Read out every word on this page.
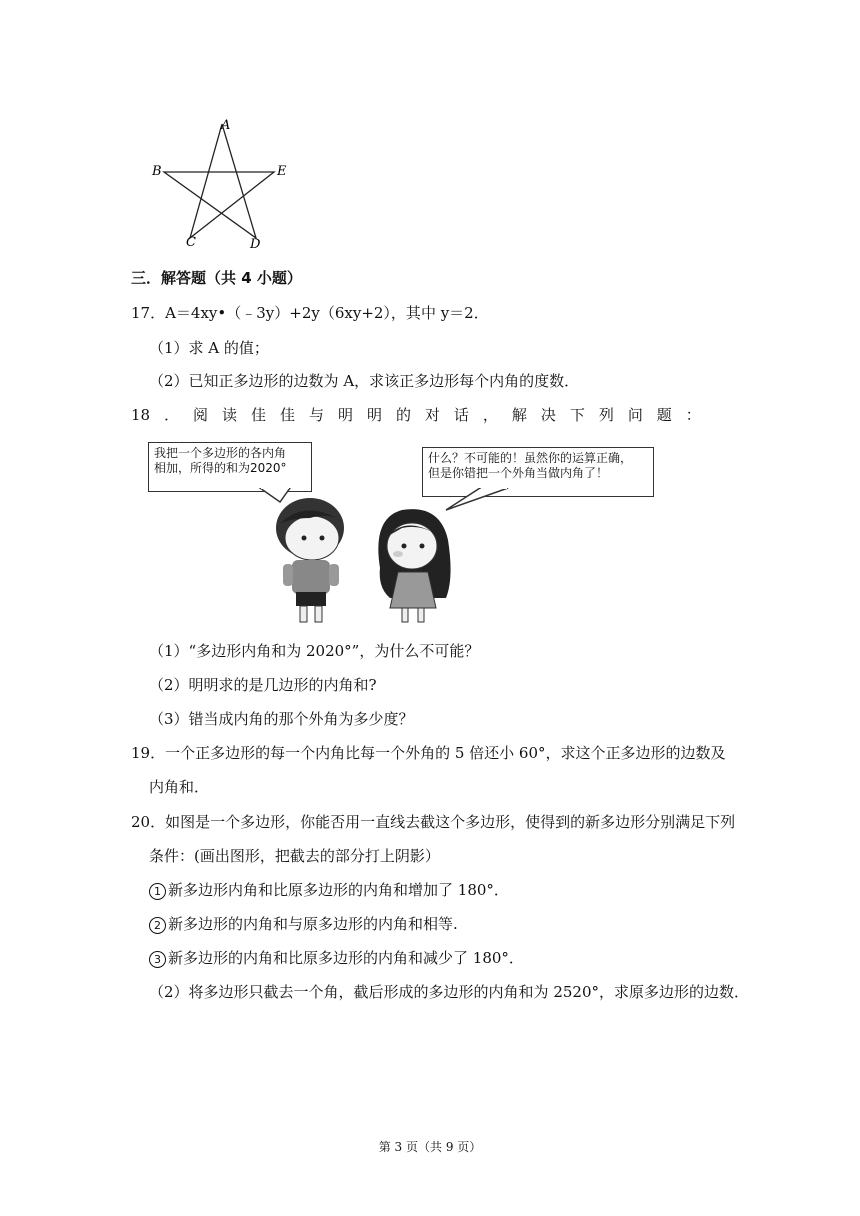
A
B	E
C	D
三．解答题（共 4 小题）
17．A＝4xy•（﹣3y）+2y（6xy+2），其中 y＝2．
（1）求 A 的值；
（2）已知正多边形的边数为 A，求该正多边形每个内角的度数．
18 ． 阅 读 佳 佳 与 明 明 的 对 话 ， 解 决 下 列 问 题 ：
我把一个多边形的各内角
相加，所得的和为2020°
什么？不可能的！虽然你的运算正确，
但是你错把一个外角当做内角了！
（1）“多边形内角和为 2020°”，为什么不可能？
（2）明明求的是几边形的内角和?
（3）错当成内角的那个外角为多少度？
19．一个正多边形的每一个内角比每一个外角的 5 倍还小 60°，求这个正多边形的边数及
内角和．
20．如图是一个多边形，你能否用一直线去截这个多边形，使得到的新多边形分别满足下列
条件：(画出图形，把截去的部分打上阴影）
1 新多边形内角和比原多边形的内角和增加了 180°．
2 新多边形的内角和与原多边形的内角和相等.
3 新多边形的内角和比原多边形的内角和减少了 180°．
（2）将多边形只截去一个角，截后形成的多边形的内角和为 2520°，求原多边形的边数．
第 3 页（共 9 页）
